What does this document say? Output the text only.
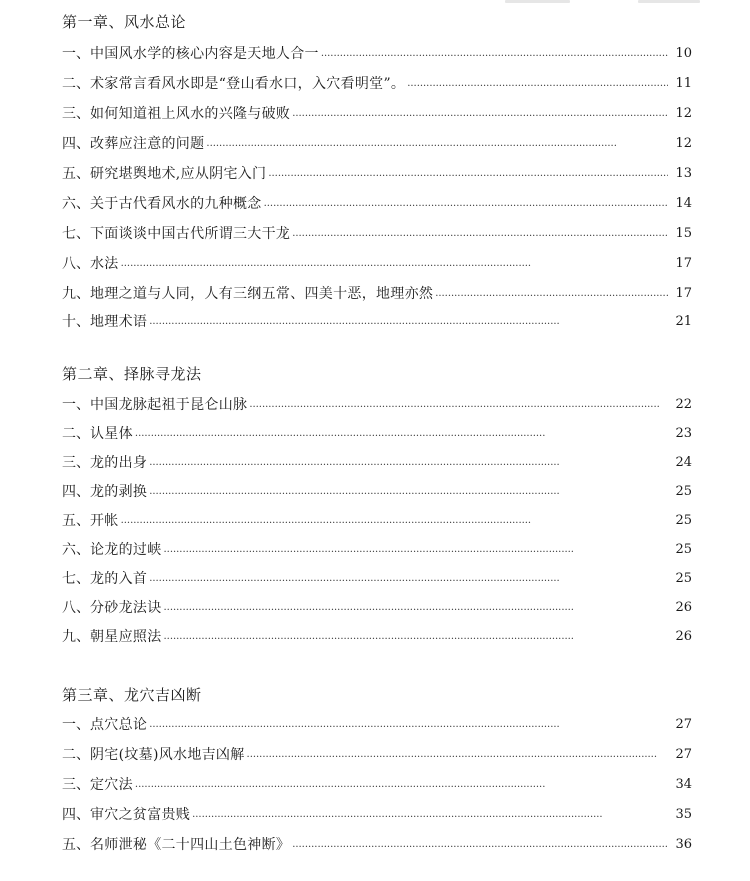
第一章、风水总论
一、 中国风水学的核心内容是天地人合一 . . .	10
二、 术家常言看风水即是“登山看水口，入穴看明堂”。 . . .	11
三、 如何知道祖上风水的兴隆与破败 . . .	12
四、 改葬应注意的问题 . . .	12
五、 研究堪舆地术,应从阴宅入门 . . .	13
六、 关于古代看风水的九种概念 . . .	14
七、 下面谈谈中国古代所谓三大干龙 . . .	15
八、 水法 . . .	17
九、 地理之道与人同，人有三纲五常、四美十恶，地理亦然 . . .	17
十、 地理术语 . . .	21
第二章、择脉寻龙法
一、 中国龙脉起祖于昆仑山脉 . . .	22
二、 认星体 . . .	23
三、 龙的出身 . . .	24
四、 龙的剥换 . . .	25
五、 开帐 . . .	25
六、 论龙的过峡 . . .	25
七、 龙的入首 . . .	25
八、 分砂龙法诀 . . .	26
九、 朝星应照法 . . .	26
第三章、龙穴吉凶断
一、 点穴总论 . . .	27
二、 阴宅(坟墓)风水地吉凶解 . . .	27
三、 定穴法 . . .	34
四、 审穴之贫富贵贱 . . .	35
五、 名师泄秘《二十四山土色神断》 . . .	36
